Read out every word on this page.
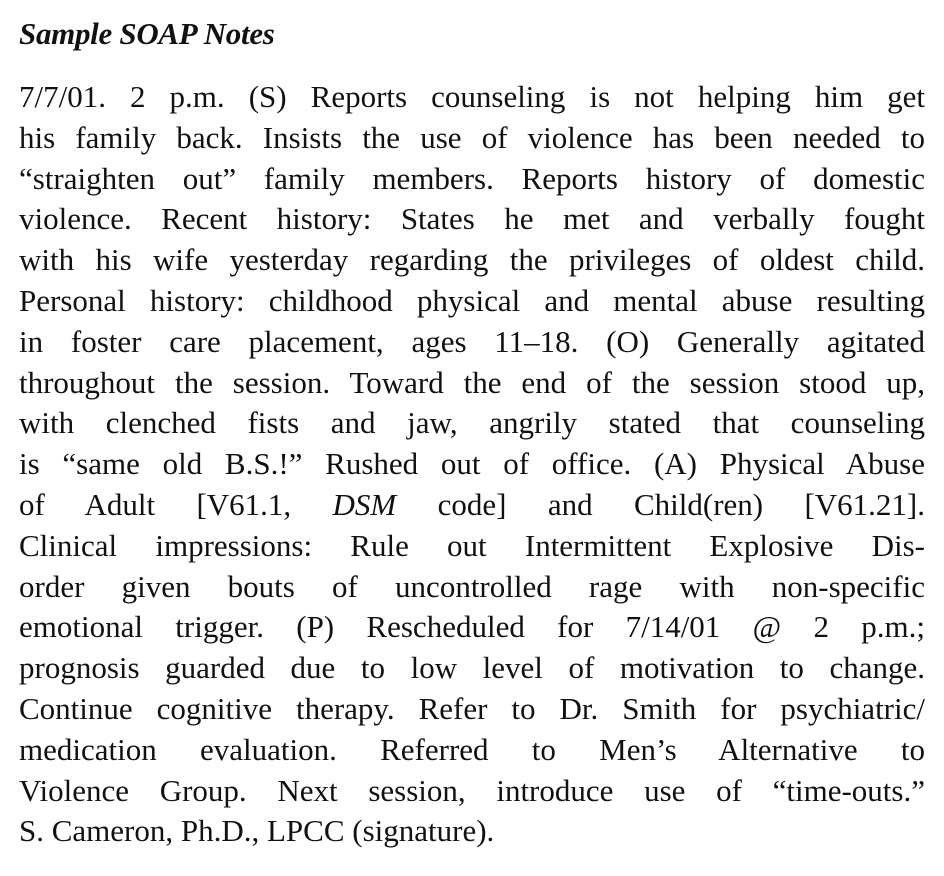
Sample SOAP Notes
7/7/01. 2 p.m. (S) Reports counseling is not helping him get
his family back. Insists the use of violence has been needed to
“straighten out” family members. Reports history of domestic
violence. Recent history: States he met and verbally fought
with his wife yesterday regarding the privileges of oldest child.
Personal history: childhood physical and mental abuse resulting
in foster care placement, ages 11–18. (O) Generally agitated
throughout the session. Toward the end of the session stood up,
with clenched fists and jaw, angrily stated that counseling
is “same old B.S.!” Rushed out of office. (A) Physical Abuse
of Adult [V61.1, DSM code] and Child(ren) [V61.21].
Clinical impressions: Rule out Intermittent Explosive Dis-
order given bouts of uncontrolled rage with non-specific
emotional trigger. (P) Rescheduled for 7/14/01 @ 2 p.m.;
prognosis guarded due to low level of motivation to change.
Continue cognitive therapy. Refer to Dr. Smith for psychiatric/
medication evaluation. Referred to Men’s Alternative to
Violence Group. Next session, introduce use of “time-outs.”
S. Cameron, Ph.D., LPCC (signature).
